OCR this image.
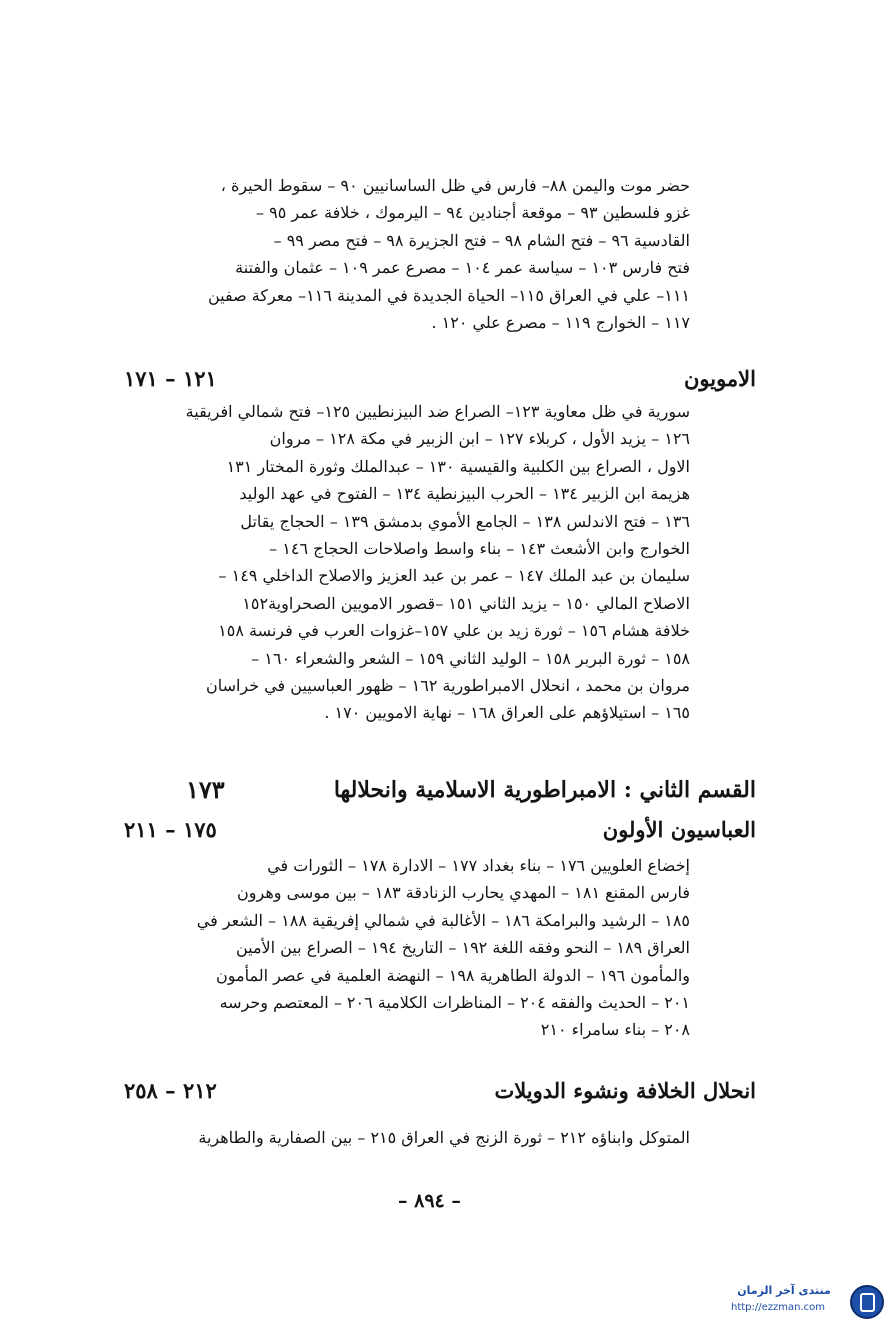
حضر موت واليمن ٨٨– فارس في ظل الساسانيين ٩٠ – سقوط الحيرة ،
غزو فلسطين ٩٣ – موقعة أجنادين ٩٤ – اليرموك ، خلافة عمر ٩٥ –
القادسية ٩٦ – فتح الشام ٩٨ – فتح الجزيرة ٩٨ – فتح مصر ٩٩ –
فتح فارس ١٠٣ – سياسة عمر ١٠٤ – مصرع عمر ١٠٩ – عثمان والفتنة
١١١– علي في العراق ١١٥– الحياة الجديدة في المدينة ١١٦– معركة صفين
١١٧ – الخوارج ١١٩ – مصرع علي ١٢٠ .
الامويون
١٢١ – ١٧١
سورية في ظل معاوية ١٢٣– الصراع ضد البيزنطيين ١٢٥– فتح شمالي افريقية
١٢٦ – يزيد الأول ، كربلاء ١٢٧ – ابن الزبير في مكة ١٢٨ – مروان
الاول ، الصراع بين الكلبية والقيسية ١٣٠ – عبدالملك وثورة المختار ١٣١
هزيمة ابن الزبير ١٣٤ – الحرب البيزنطية ١٣٤ – الفتوح في عهد الوليد
١٣٦ – فتح الاندلس ١٣٨ – الجامع الأموي بدمشق ١٣٩ – الحجاج يقاتل
الخوارج وابن الأشعث ١٤٣ – بناء واسط واصلاحات الحجاج ١٤٦ –
سليمان بن عبد الملك ١٤٧ – عمر بن عبد العزيز والاصلاح الداخلي ١٤٩ –
الاصلاح المالي ١٥٠ – يزيد الثاني ١٥١ –قصور الامويين الصحراوية١٥٢
خلافة هشام ١٥٦ – ثورة زيد بن علي ١٥٧–غزوات العرب في فرنسة ١٥٨
١٥٨ – ثورة البربر ١٥٨ – الوليد الثاني ١٥٩ – الشعر والشعراء ١٦٠ –
مروان بن محمد ، انحلال الامبراطورية ١٦٢ – ظهور العباسيين في خراسان
١٦٥ – استيلاؤهم على العراق ١٦٨ – نهاية الامويين ١٧٠ .
القسم الثاني : الامبراطورية الاسلامية وانحلالها
١٧٣
العباسيون الأولون
١٧٥ – ٢١١
إخضاع العلويين ١٧٦ – بناء بغداد ١٧٧ – الادارة ١٧٨ – الثورات في
فارس المقنع ١٨١ – المهدي يحارب الزنادقة ١٨٣ – بين موسى وهرون
١٨٥ – الرشيد والبرامكة ١٨٦ – الأغالبة في شمالي إفريقية ١٨٨ – الشعر في
العراق ١٨٩ – النحو وفقه اللغة ١٩٢ – التاريخ ١٩٤ – الصراع بين الأمين
والمأمون ١٩٦ – الدولة الطاهرية ١٩٨ – النهضة العلمية في عصر المأمون
٢٠١ – الحديث والفقه ٢٠٤ – المناظرات الكلامية ٢٠٦ – المعتصم وحرسه
٢٠٨ – بناء سامراء ٢١٠
انحلال الخلافة ونشوء الدويلات
٢١٢ – ٢٥٨
المتوكل وابناؤه ٢١٢ – ثورة الزنج في العراق ٢١٥ – بين الصفارية والطاهرية
– ٨٩٤ –
منتدى آخر الزمان
http://ezzman.com
